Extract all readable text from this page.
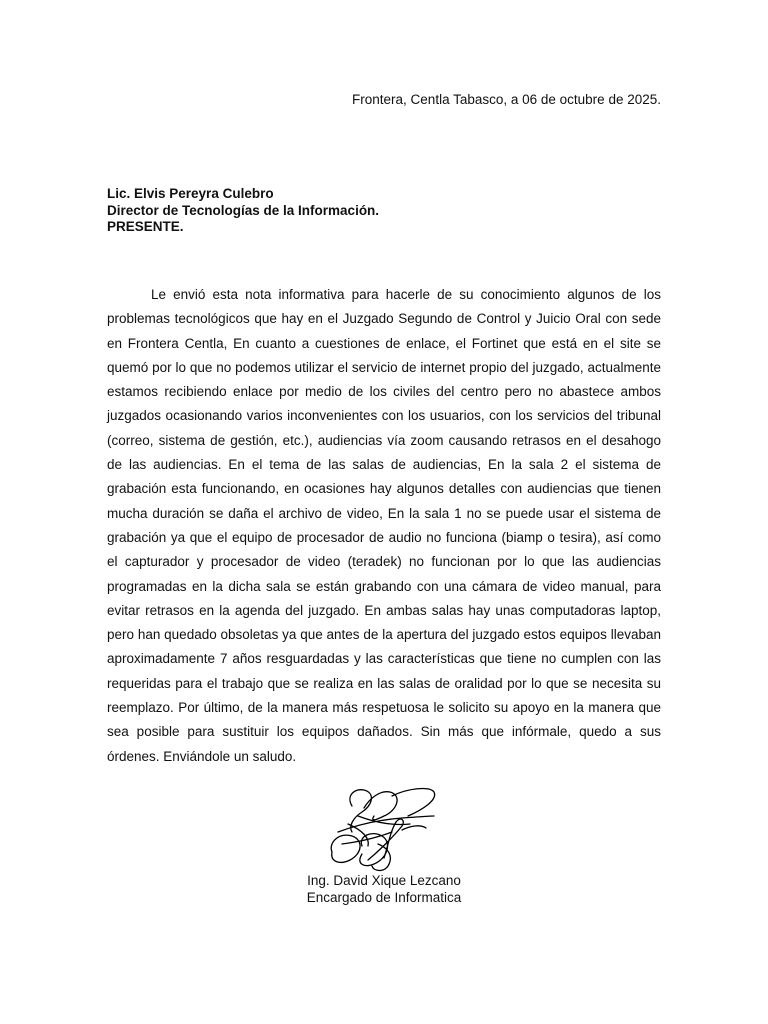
Frontera, Centla Tabasco, a 06 de octubre de 2025.
Lic. Elvis Pereyra Culebro
Director de Tecnologías de la Información.
PRESENTE.

Le envió esta nota informativa para hacerle de su conocimiento algunos de los problemas tecnológicos que hay en el Juzgado Segundo de Control y Juicio Oral con sede en Frontera Centla, En cuanto a cuestiones de enlace, el Fortinet que está en el site se quemó por lo que no podemos utilizar el servicio de internet propio del juzgado, actualmente estamos recibiendo enlace por medio de los civiles del centro pero no abastece ambos juzgados ocasionando varios inconvenientes con los usuarios, con los servicios del tribunal (correo, sistema de gestión, etc.), audiencias vía zoom causando retrasos en el desahogo de las audiencias. En el tema de las salas de audiencias, En la sala 2 el sistema de grabación esta funcionando, en ocasiones hay algunos detalles con audiencias que tienen mucha duración se daña el archivo de video, En la sala 1 no se puede usar el sistema de grabación ya que el equipo de procesador de audio no funciona (biamp o tesira), así como el capturador y procesador de video (teradek) no funcionan por lo que las audiencias programadas en la dicha sala se están grabando con una cámara de video manual, para evitar retrasos en la agenda del juzgado. En ambas salas hay unas computadoras laptop, pero han quedado obsoletas ya que antes de la apertura del juzgado estos equipos llevaban aproximadamente 7 años resguardadas y las características que tiene no cumplen con las requeridas para el trabajo que se realiza en las salas de oralidad por lo que se necesita su reemplazo. Por último, de la manera más respetuosa le solicito su apoyo en la manera que sea posible para sustituir los equipos dañados. Sin más que infórmale, quedo a sus órdenes. Enviándole un saludo.

Ing. David Xique Lezcano
Encargado de Informatica
